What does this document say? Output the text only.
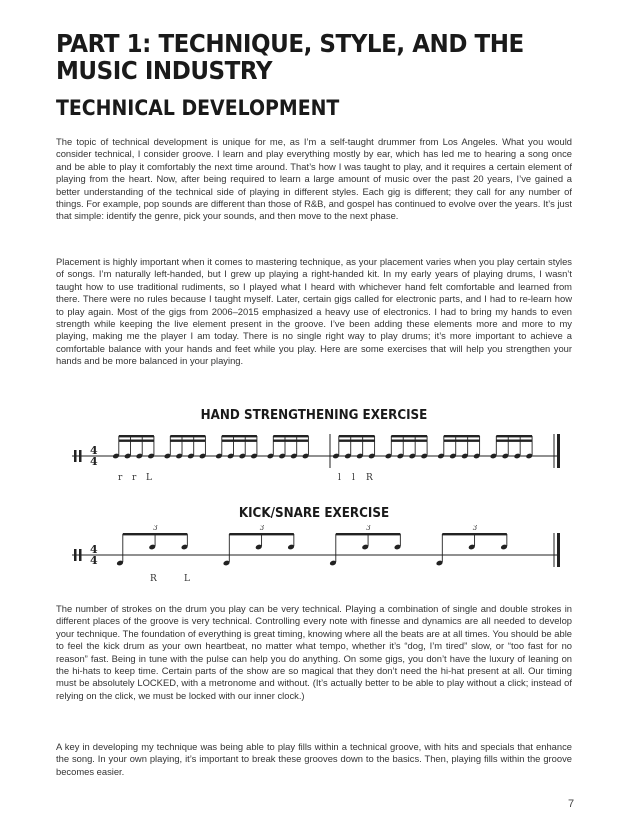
PART 1: TECHNIQUE, STYLE, AND THE MUSIC INDUSTRY
TECHNICAL DEVELOPMENT

The topic of technical development is unique for me, as I’m a self-taught drummer from Los Angeles. What you would consider technical, I consider groove. I learn and play everything mostly by ear, which has led me to hearing a song once and be able to play it comfortably the next time around. That’s how I was taught to play, and it requires a certain element of playing from the heart. Now, after being required to learn a large amount of music over the past 20 years, I’ve gained a better understanding of the technical side of playing in different styles. Each gig is different; they call for any number of things. For example, pop sounds are different than those of R&B, and gospel has continued to evolve over the years. It’s just that simple: identify the genre, pick your sounds, and then move to the next phase.

Placement is highly important when it comes to mastering technique, as your placement varies when you play certain styles of songs. I’m naturally left-handed, but I grew up playing a right-handed kit. In my early years of playing drums, I wasn’t taught how to use traditional rudiments, so I played what I heard with whichever hand felt comfortable and learned from there. There were no rules because I taught myself. Later, certain gigs called for electronic parts, and I had to re-learn how to play again. Most of the gigs from 2006–2015 emphasized a heavy use of electronics. I had to bring my hands to even strength while keeping the live element present in the groove. I’ve been adding these elements more and more to my playing, making me the player I am today. There is no single right way to play drums; it’s more important to achieve a comfortable balance with your hands and feet while you play. Here are some exercises that will help you strengthen your hands and be more balanced in your playing.

HAND STRENGTHENING EXERCISE
4
4
r r L	l l R
KICK/SNARE EXERCISE
4
4
3	3	3	3
R	L

The number of strokes on the drum you play can be very technical. Playing a combination of single and double strokes in different places of the groove is very technical. Controlling every note with finesse and dynamics are all needed to develop your technique. The foundation of everything is great timing, knowing where all the beats are at all times. You should be able to feel the kick drum as your own heartbeat, no matter what tempo, whether it’s “dog, I’m tired” slow, or “too fast for no reason” fast. Being in tune with the pulse can help you do anything. On some gigs, you don’t have the luxury of leaning on the hi-hats to keep time. Certain parts of the show are so magical that they don’t need the hi-hat present at all. Our timing must be absolutely LOCKED, with a metronome and without. (It’s actually better to be able to play without a click; instead of relying on the click, we must be locked with our inner clock.)

A key in developing my technique was being able to play fills within a technical groove, with hits and specials that enhance the song. In your own playing, it’s important to break these grooves down to the basics. Then, playing fills within the groove becomes easier.

7
